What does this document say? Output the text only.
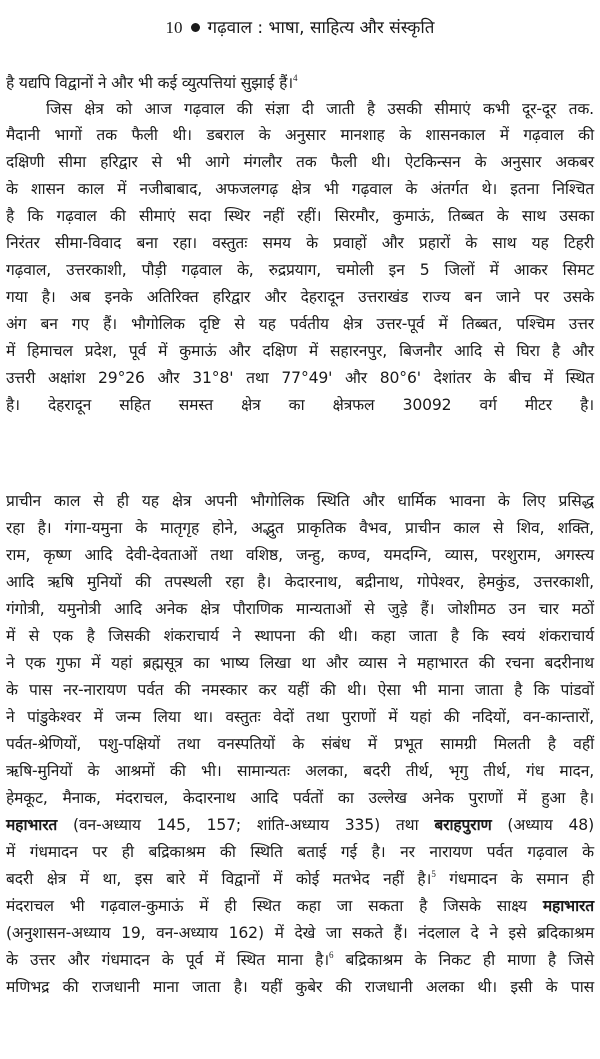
10 गढ़वाल : भाषा, साहित्य और संस्कृति
है यद्यपि विद्वानों ने और भी कई व्युत्पत्तियां सुझाई हैं।$^4$
जिस क्षेत्र को आज गढ़वाल की संज्ञा दी जाती है उसकी सीमाएं कभी दूर-दूर तक.
मैदानी भागों तक फैली थी। डबराल के अनुसार मानशाह के शासनकाल में गढ़वाल की
दक्षिणी सीमा हरिद्वार से भी आगे मंगलौर तक फैली थी। ऐटकिन्सन के अनुसार अकबर
के शासन काल में नजीबाबाद, अफजलगढ़ क्षेत्र भी गढ़वाल के अंतर्गत थे। इतना निश्चित
है कि गढ़वाल की सीमाएं सदा स्थिर नहीं रहीं। सिरमौर, कुमाऊं, तिब्बत के साथ उसका
निरंतर सीमा-विवाद बना रहा। वस्तुतः समय के प्रवाहों और प्रहारों के साथ यह टिहरी
गढ़वाल, उत्तरकाशी, पौड़ी गढ़वाल के, रुद्रप्रयाग, चमोली इन 5 जिलों में आकर सिमट
गया है। अब इनके अतिरिक्त हरिद्वार और देहरादून उत्तराखंड राज्य बन जाने पर उसके
अंग बन गए हैं। भौगोलिक दृष्टि से यह पर्वतीय क्षेत्र उत्तर-पूर्व में तिब्बत, पश्चिम उत्तर
में हिमाचल प्रदेश, पूर्व में कुमाऊं और दक्षिण में सहारनपुर, बिजनौर आदि से घिरा है और
उत्तरी अक्षांश 29°26 और 31°8' तथा 77°49' और 80°6' देशांतर के बीच में स्थित
है। देहरादून सहित समस्त क्षेत्र का क्षेत्रफल 30092 वर्ग मीटर है।
प्राचीन काल से ही यह क्षेत्र अपनी भौगोलिक स्थिति और धार्मिक भावना के लिए प्रसिद्ध
रहा है। गंगा-यमुना के मातृगृह होने, अद्भुत प्राकृतिक वैभव, प्राचीन काल से शिव, शक्ति,
राम, कृष्ण आदि देवी-देवताओं तथा वशिष्ठ, जन्हु, कण्व, यमदग्नि, व्यास, परशुराम, अगस्त्य
आदि ऋषि मुनियों की तपस्थली रहा है। केदारनाथ, बद्रीनाथ, गोपेश्वर, हेमकुंड, उत्तरकाशी,
गंगोत्री, यमुनोत्री आदि अनेक क्षेत्र पौराणिक मान्यताओं से जुड़े हैं। जोशीमठ उन चार मठों
में से एक है जिसकी शंकराचार्य ने स्थापना की थी। कहा जाता है कि स्वयं शंकराचार्य
ने एक गुफा में यहां ब्रह्मसूत्र का भाष्य लिखा था और व्यास ने महाभारत की रचना बदरीनाथ
के पास नर-नारायण पर्वत की नमस्कार कर यहीं की थी। ऐसा भी माना जाता है कि पांडवों
ने पांडुकेश्वर में जन्म लिया था। वस्तुतः वेदों तथा पुराणों में यहां की नदियों, वन-कान्तारों,
पर्वत-श्रेणियों, पशु-पक्षियों तथा वनस्पतियों के संबंध में प्रभूत सामग्री मिलती है वहीं
ऋषि-मुनियों के आश्रमों की भी। सामान्यतः अलका, बदरी तीर्थ, भृगु तीर्थ, गंध मादन,
हेमकूट, मैनाक, मंदराचल, केदारनाथ आदि पर्वतों का उल्लेख अनेक पुराणों में हुआ है।
महाभारत (वन-अध्याय 145, 157; शांति-अध्याय 335) तथा बराहपुराण (अध्याय 48)
में गंधमादन पर ही बद्रिकाश्रम की स्थिति बताई गई है। नर नारायण पर्वत गढ़वाल के
बदरी क्षेत्र में था, इस बारे में विद्वानों में कोई मतभेद नहीं है।$^5$ गंधमादन के समान ही
मंदराचल भी गढ़वाल-कुमाऊं में ही स्थित कहा जा सकता है जिसके साक्ष्य महाभारत
(अनुशासन-अध्याय 19, वन-अध्याय 162) में देखे जा सकते हैं। नंदलाल दे ने इसे ब्रदिकाश्रम
के उत्तर और गंधमादन के पूर्व में स्थित माना है।$^6$ बद्रिकाश्रम के निकट ही माणा है जिसे
मणिभद्र की राजधानी माना जाता है। यहीं कुबेर की राजधानी अलका थी। इसी के पास
